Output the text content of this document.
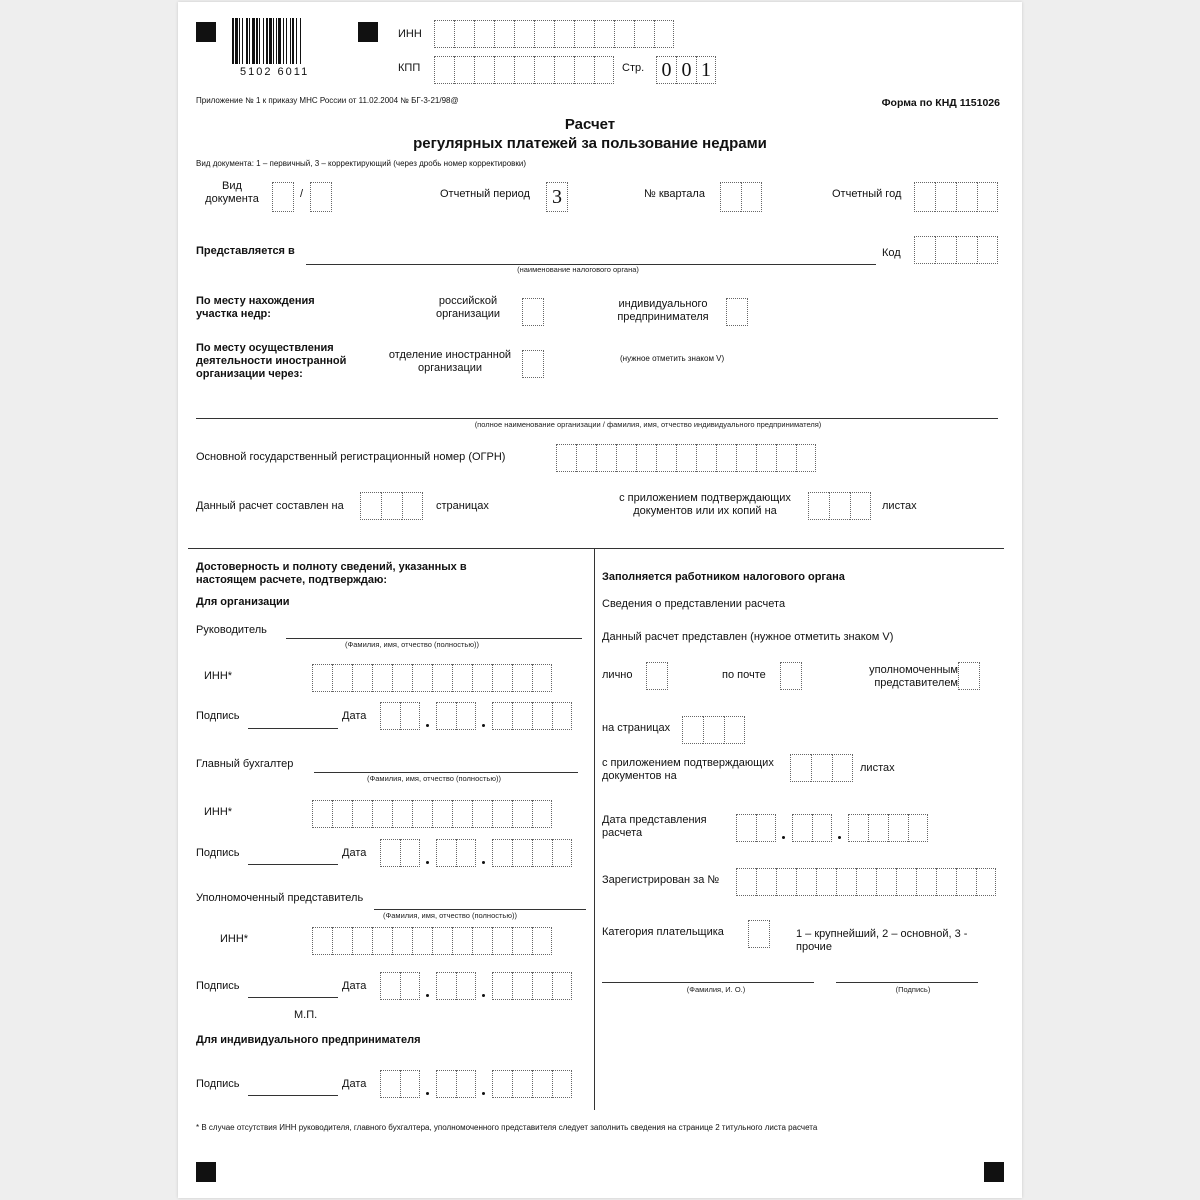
5102 6011
ИНН
КПП	Стр. 0 0 1
Приложение № 1 к приказу МНС России от 11.02.2004 № БГ-3-21/98@	Форма по КНД 1151026
Расчет
регулярных платежей за пользование недрами
Вид документа: 1 – первичный, 3 – корректирующий (через дробь номер корректировки)
Вид документа	/	Отчетный период	3	№ квартала	Отчетный год
Представляется в
(наименование налогового органа)
Код
По месту нахождения участка недр:
российской организации
индивидуального предпринимателя
По месту осуществления деятельности иностранной организации через:
отделение иностранной организации
(нужное отметить знаком V)
(полное наименование организации / фамилия, имя, отчество индивидуального предпринимателя)
Основной государственный регистрационный номер (ОГРН)
Данный расчет составлен на	страницах
с приложением подтверждающих документов или их копий на	листах
Достоверность и полноту сведений, указанных в настоящем расчете, подтверждаю:
Для организации
Руководитель
(Фамилия, имя, отчество (полностью))
ИНН*
Подпись	Дата
Главный бухгалтер
(Фамилия, имя, отчество (полностью))
ИНН*
Подпись	Дата
Уполномоченный представитель
(Фамилия, имя, отчество (полностью))
ИНН*
Подпись	Дата
М.П.
Для индивидуального предпринимателя
Подпись	Дата
Заполняется работником налогового органа
Сведения о представлении расчета
Данный расчет представлен (нужное отметить знаком V)
лично	по почте	уполномоченным представителем
на страницах
с приложением подтверждающих документов на
листах
Дата представления расчета
Зарегистрирован за №
Категория плательщика	1 – крупнейший, 2 – основной, 3 - прочие
(Фамилия, И. О.)	(Подпись)
* В случае отсутствия ИНН руководителя, главного бухгалтера, уполномоченного представителя следует заполнить сведения на странице 2 титульного листа расчета
